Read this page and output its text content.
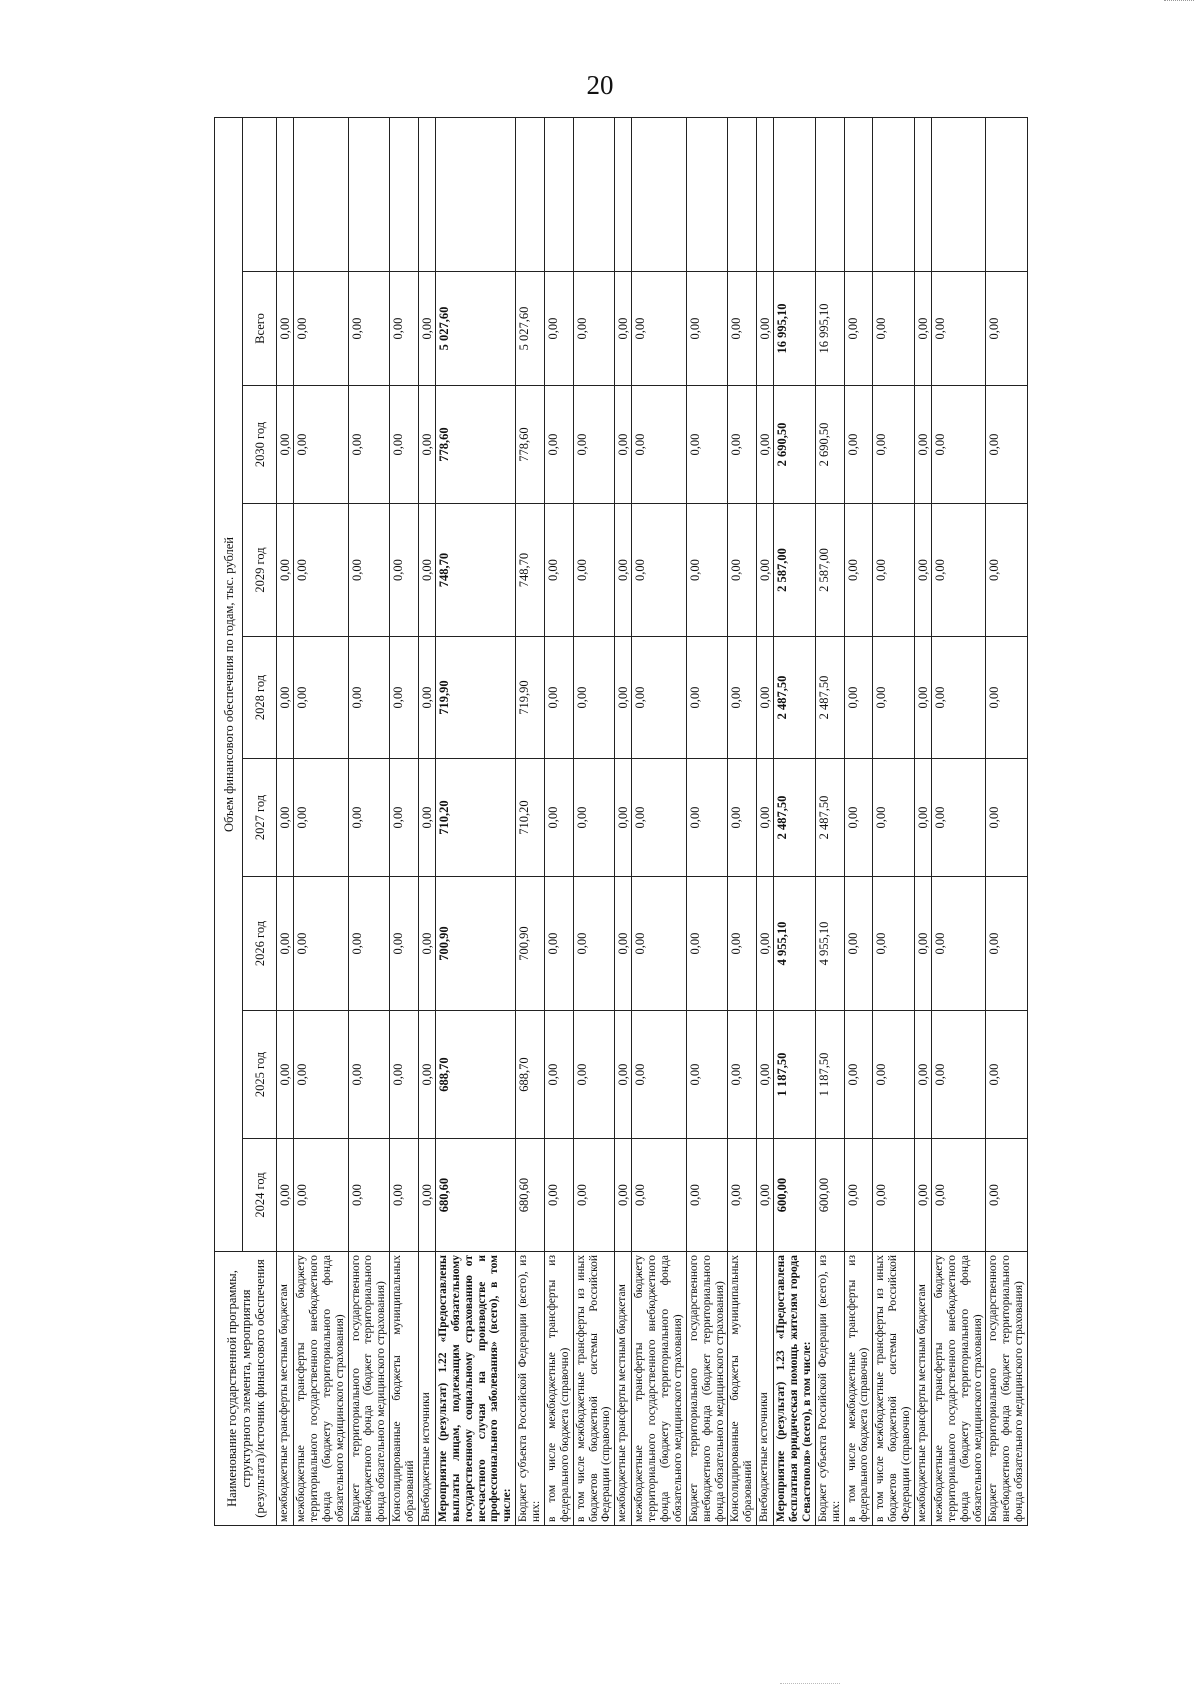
20
Наименование государственной программы, структурного элемента, мероприятия (результата)/источник финансового обеспечения	Объем финансового обеспечения по годам, тыс. рублей								
	2024 год	2025 год	2026 год	2027 год	2028 год	2029 год	2030 год	Всего	
межбюджетные трансферты местным бюджетам	0,00	0,00	0,00	0,00	0,00	0,00	0,00	0,00	
межбюджетные трансферты бюджету территориального государственного внебюджетного фонда (бюджету территориального фонда обязательного медицинского страхования)	0,00	0,00	0,00	0,00	0,00	0,00	0,00	0,00	
Бюджет территориального государственного внебюджетного фонда (бюджет территориального фонда обязательного медицинского страхования)	0,00	0,00	0,00	0,00	0,00	0,00	0,00	0,00	
Консолидированные бюджеты муниципальных образований	0,00	0,00	0,00	0,00	0,00	0,00	0,00	0,00	
Внебюджетные источники	0,00	0,00	0,00	0,00	0,00	0,00	0,00	0,00	
Мероприятие (результат) 1.22 «Предоставлены выплаты лицам, подлежащим обязательному государственному социальному страхованию от несчастного случая на производстве и профессионального заболевания» (всего), в том числе:	680,60	688,70	700,90	710,20	719,90	748,70	778,60	5 027,60	
Бюджет субъекта Российской Федерации (всего), из них:	680,60	688,70	700,90	710,20	719,90	748,70	778,60	5 027,60	
в том числе межбюджетные трансферты из федерального бюджета (справочно)	0,00	0,00	0,00	0,00	0,00	0,00	0,00	0,00	
в том числе межбюджетные трансферты из иных бюджетов бюджетной системы Российской Федерации (справочно)	0,00	0,00	0,00	0,00	0,00	0,00	0,00	0,00	
межбюджетные трансферты местным бюджетам	0,00	0,00	0,00	0,00	0,00	0,00	0,00	0,00	
межбюджетные трансферты бюджету территориального государственного внебюджетного фонда (бюджету территориального фонда обязательного медицинского страхования)	0,00	0,00	0,00	0,00	0,00	0,00	0,00	0,00	
Бюджет территориального государственного внебюджетного фонда (бюджет территориального фонда обязательного медицинского страхования)	0,00	0,00	0,00	0,00	0,00	0,00	0,00	0,00	
Консолидированные бюджеты муниципальных образований	0,00	0,00	0,00	0,00	0,00	0,00	0,00	0,00	
Внебюджетные источники	0,00	0,00	0,00	0,00	0,00	0,00	0,00	0,00	
Мероприятие (результат) 1.23 «Предоставлена бесплатная юридическая помощь жителям города Севастополя» (всего), в том числе:	600,00	1 187,50	4 955,10	2 487,50	2 487,50	2 587,00	2 690,50	16 995,10	
Бюджет субъекта Российской Федерации (всего), из них:	600,00	1 187,50	4 955,10	2 487,50	2 487,50	2 587,00	2 690,50	16 995,10	
в том числе межбюджетные трансферты из федерального бюджета (справочно)	0,00	0,00	0,00	0,00	0,00	0,00	0,00	0,00	
в том числе межбюджетные трансферты из иных бюджетов бюджетной системы Российской Федерации (справочно)	0,00	0,00	0,00	0,00	0,00	0,00	0,00	0,00	
межбюджетные трансферты местным бюджетам	0,00	0,00	0,00	0,00	0,00	0,00	0,00	0,00	
межбюджетные трансферты бюджету территориального государственного внебюджетного фонда (бюджету территориального фонда обязательного медицинского страхования)	0,00	0,00	0,00	0,00	0,00	0,00	0,00	0,00	
Бюджет территориального государственного внебюджетного фонда (бюджет территориального фонда обязательного медицинского страхования)	0,00	0,00	0,00	0,00	0,00	0,00	0,00	0,00	
